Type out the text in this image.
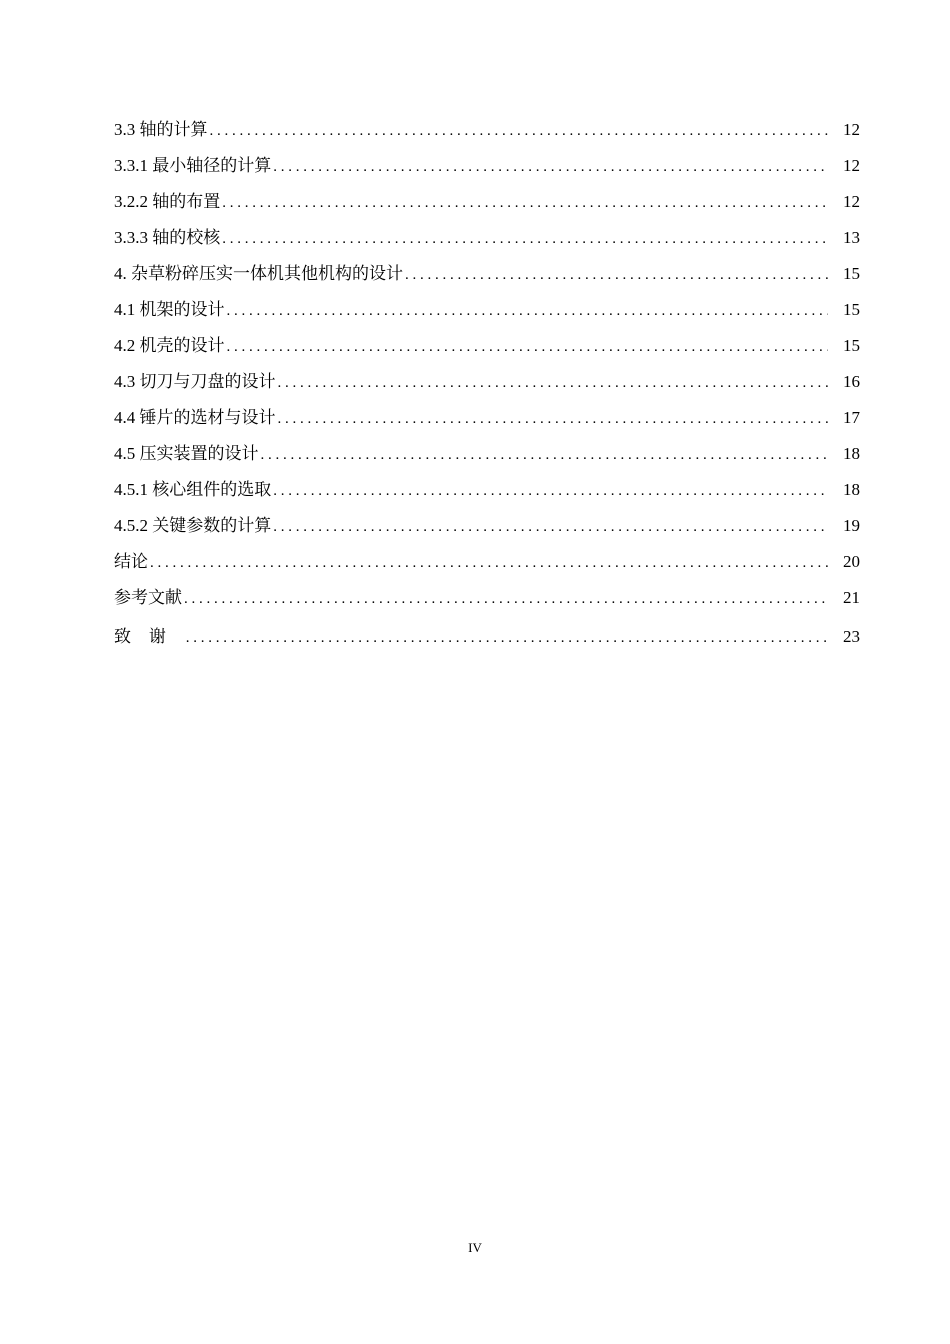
3.3 轴的计算 . . .	12
3.3.1 最小轴径的计算 . . .	12
3.2.2 轴的布置 . . .	12
3.3.3 轴的校核 . . .	13
4. 杂草粉碎压实一体机其他机构的设计 . . .	15
4.1 机架的设计 . . .	15
4.2 机壳的设计 . . .	15
4.3 切刀与刀盘的设计 . . .	16
4.4 锤片的选材与设计 . . .	17
4.5 压实装置的设计 . . .	18
4.5.1 核心组件的选取 . . .	18
4.5.2 关键参数的计算 . . .	19
结论 . . .	20
参考文献 . . .	21
致谢 . . .	23
IV
